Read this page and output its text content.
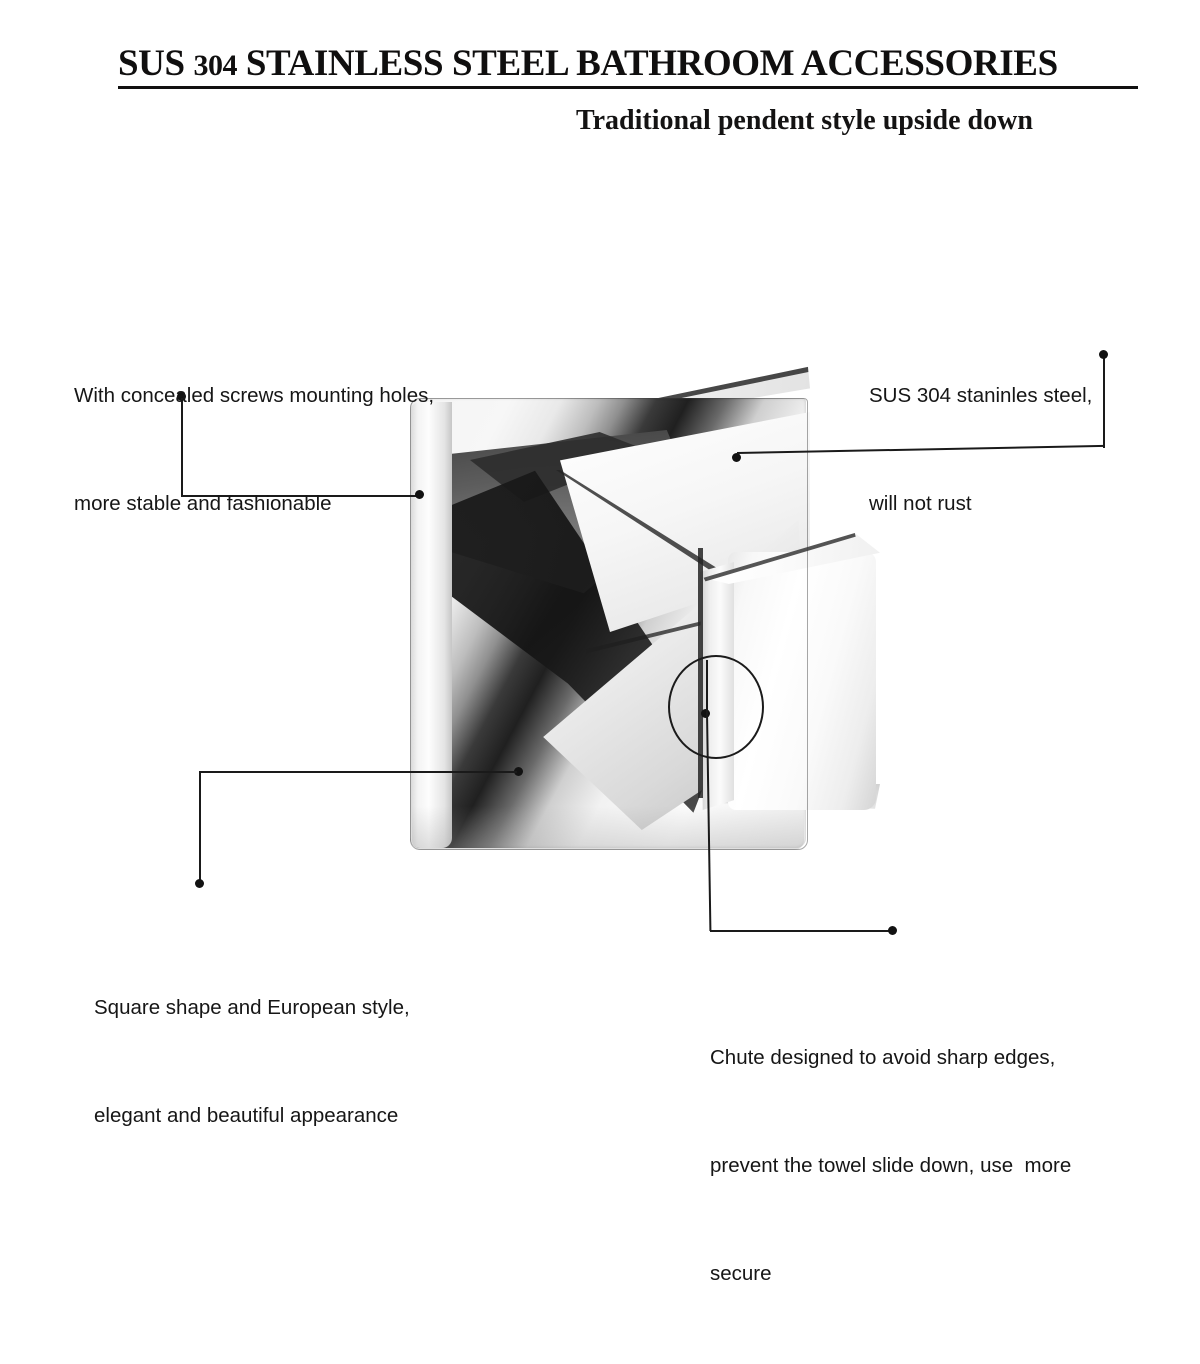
SUS 304 STAINLESS STEEL BATHROOM ACCESSORIES
Traditional pendent style upside down

With concealed screws mounting holes,

more stable and fashionable

SUS 304 staninles steel,

will not rust

Square shape and European style,

elegant and beautiful appearance

Chute designed to avoid sharp edges,

prevent the towel slide down, use  more

secure
